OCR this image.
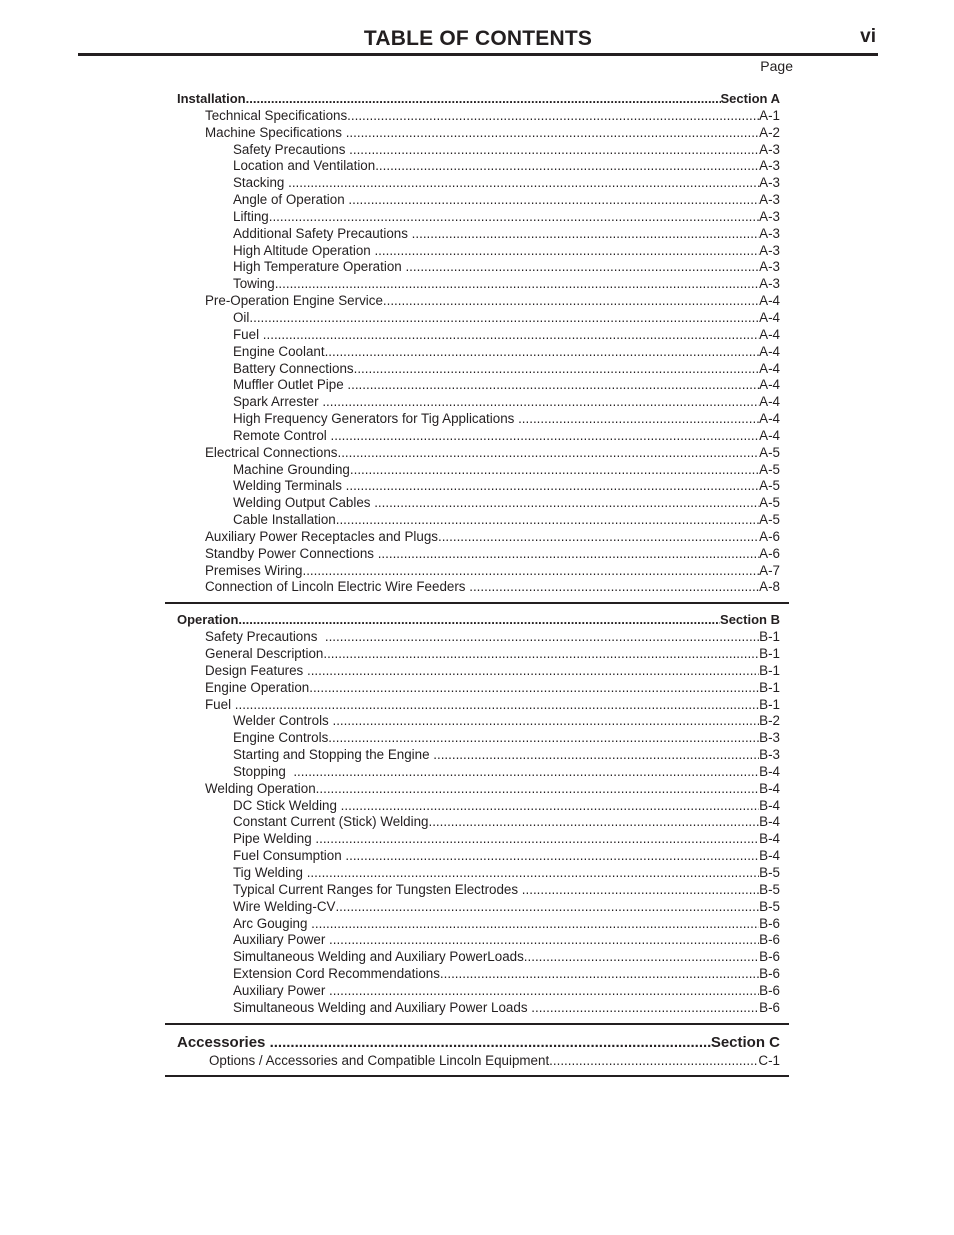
TABLE OF CONTENTS	vi
Page
Installation .....	Section A
Technical Specifications .....	A-1
Machine Specifications .....	A-2
Safety Precautions .....	A-3
Location and Ventilation .....	A-3
Stacking .....	A-3
Angle of Operation .....	A-3
Lifting .....	A-3
Additional Safety Precautions .....	A-3
High Altitude Operation .....	A-3
High Temperature Operation .....	A-3
Towing .....	A-3
Pre-Operation Engine Service .....	A-4
Oil .....	A-4
Fuel .....	A-4
Engine Coolant .....	A-4
Battery Connections .....	A-4
Muffler Outlet Pipe .....	A-4
Spark Arrester .....	A-4
High Frequency Generators for Tig Applications .....	A-4
Remote Control .....	A-4
Electrical Connections .....	A-5
Machine Grounding .....	A-5
Welding Terminals .....	A-5
Welding Output Cables .....	A-5
Cable Installation .....	A-5
Auxiliary Power Receptacles and Plugs .....	A-6
Standby Power Connections .....	A-6
Premises Wiring .....	A-7
Connection of Lincoln Electric Wire Feeders .....	A-8
Operation .....	Section B
Safety Precautions .....	B-1
General Description .....	B-1
Design Features .....	B-1
Engine Operation .....	B-1
Fuel .....	B-1
Welder Controls .....	B-2
Engine Controls .....	B-3
Starting and Stopping the Engine .....	B-3
Stopping .....	B-4
Welding Operation .....	B-4
DC Stick Welding .....	B-4
Constant Current (Stick) Welding .....	B-4
Pipe Welding .....	B-4
Fuel Consumption .....	B-4
Tig Welding .....	B-5
Typical Current Ranges for Tungsten Electrodes .....	B-5
Wire Welding-CV .....	B-5
Arc Gouging .....	B-6
Auxiliary Power .....	B-6
Simultaneous Welding and Auxiliary PowerLoads .....	B-6
Extension Cord Recommendations .....	B-6
Auxiliary Power .....	B-6
Simultaneous Welding and Auxiliary Power Loads .....	B-6
Accessories .....	Section C
Options / Accessories and Compatible Lincoln Equipment .....	C-1
